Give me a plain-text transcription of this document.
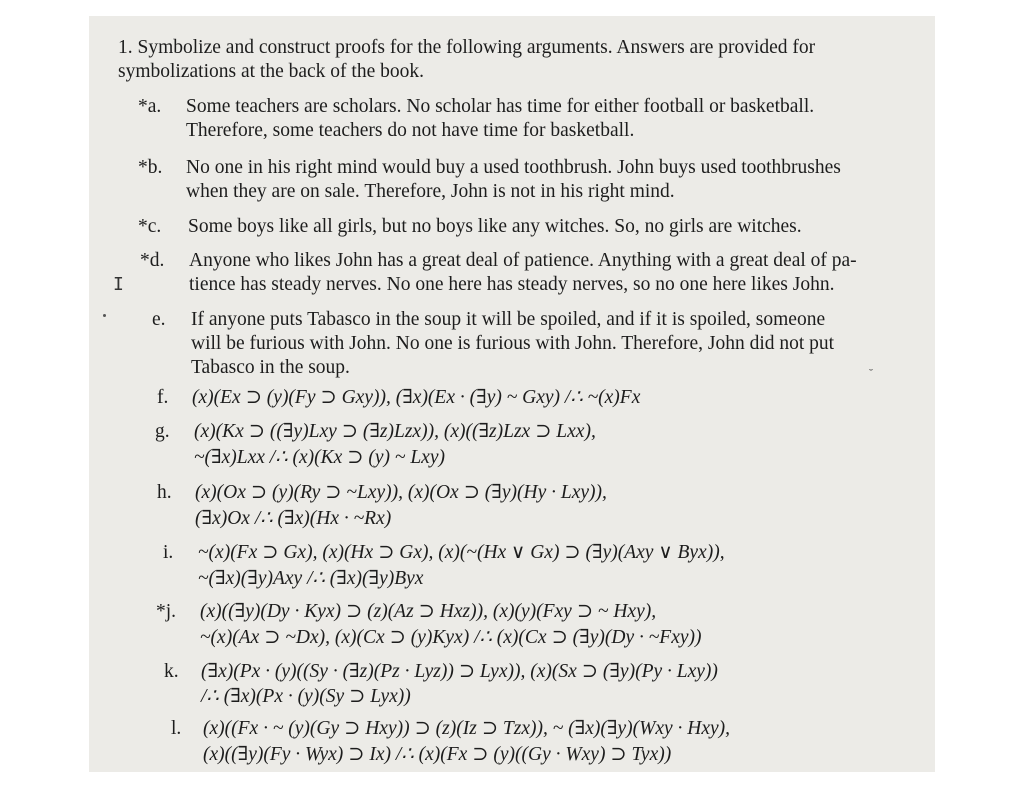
1. Symbolize and construct proofs for the following arguments. Answers are provided for
symbolizations at the back of the book.
*a. Some teachers are scholars. No scholar has time for either football or basketball.
Therefore, some teachers do not have time for basketball.
*b. No one in his right mind would buy a used toothbrush. John buys used toothbrushes
when they are on sale. Therefore, John is not in his right mind.
*c. Some boys like all girls, but no boys like any witches. So, no girls are witches.
*d. Anyone who likes John has a great deal of patience. Anything with a great deal of pa-
tience has steady nerves. No one here has steady nerves, so no one here likes John.
e. If anyone puts Tabasco in the soup it will be spoiled, and if it is spoiled, someone
will be furious with John. No one is furious with John. Therefore, John did not put
Tabasco in the soup.
f. (x)(Ex ⊃ (y)(Fy ⊃ Gxy)), (∃x)(Ex · (∃y) ~ Gxy) /∴ ~(x)Fx
g. (x)(Kx ⊃ ((∃y)Lxy ⊃ (∃z)Lzx)), (x)((∃z)Lzx ⊃ Lxx),
~(∃x)Lxx /∴ (x)(Kx ⊃ (y) ~ Lxy)
h. (x)(Ox ⊃ (y)(Ry ⊃ ~Lxy)), (x)(Ox ⊃ (∃y)(Hy · Lxy)),
(∃x)Ox /∴ (∃x)(Hx · ~Rx)
i. ~(x)(Fx ⊃ Gx), (x)(Hx ⊃ Gx), (x)(~(Hx ∨ Gx) ⊃ (∃y)(Axy ∨ Byx)),
~(∃x)(∃y)Axy /∴ (∃x)(∃y)Byx
*j. (x)((∃y)(Dy · Kyx) ⊃ (z)(Az ⊃ Hxz)), (x)(y)(Fxy ⊃ ~ Hxy),
~(x)(Ax ⊃ ~Dx), (x)(Cx ⊃ (y)Kyx) /∴ (x)(Cx ⊃ (∃y)(Dy · ~Fxy))
k. (∃x)(Px · (y)((Sy · (∃z)(Pz · Lyz)) ⊃ Lyx)), (x)(Sx ⊃ (∃y)(Py · Lxy))
/∴ (∃x)(Px · (y)(Sy ⊃ Lyx))
l. (x)((Fx · ~ (y)(Gy ⊃ Hxy)) ⊃ (z)(Iz ⊃ Tzx)), ~ (∃x)(∃y)(Wxy · Hxy),
(x)((∃y)(Fy · Wyx) ⊃ Ix) /∴ (x)(Fx ⊃ (y)((Gy · Wxy) ⊃ Tyx))
I
˘
